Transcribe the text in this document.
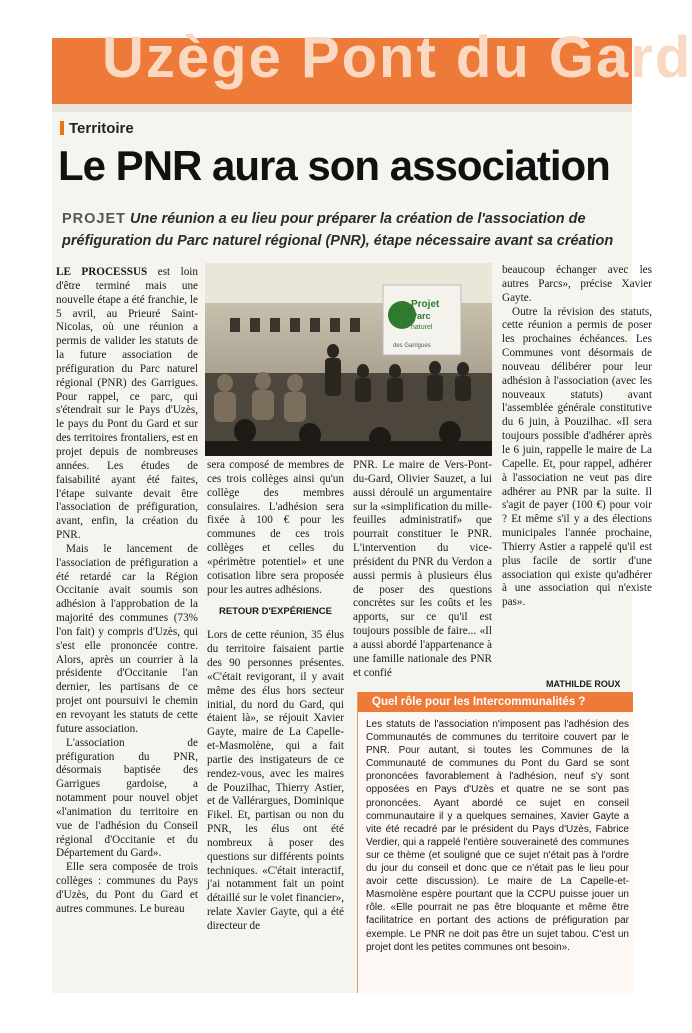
Uzège Pont du Gard
Territoire
Le PNR aura son association
PROJET Une réunion a eu lieu pour préparer la création de l'association de préfiguration du Parc naturel régional (PNR), étape nécessaire avant sa création

LE PROCESSUS est loin d'être terminé mais une nouvelle étape a été franchie, le 5 avril, au Prieuré Saint-Nicolas, où une réunion a permis de valider les statuts de la future association de préfiguration du Parc naturel régional (PNR) des Garrigues. Pour rappel, ce parc, qui s'étendrait sur le Pays d'Uzès, le pays du Pont du Gard et sur des territoires frontaliers, est en projet depuis de nombreuses années. Les études de faisabilité ayant été faites, l'étape suivante devait être l'association de préfiguration, avant, enfin, la création du PNR.

Mais le lancement de l'association de préfiguration a été retardé car la Région Occitanie avait soumis son adhésion à l'approbation de la majorité des communes (73% l'on fait) y compris d'Uzès, qui s'est elle prononcée contre. Alors, après un courrier à la présidente d'Occitanie l'an dernier, les partisans de ce projet ont poursuivi le chemin en revoyant les statuts de cette future association.

L'association de préfiguration du PNR, désormais baptisée des Garrigues gardoise, a notamment pour nouvel objet «l'animation du territoire en vue de l'adhésion du Conseil régional d'Occitanie et du Département du Gard».

Elle sera composée de trois collèges : communes du Pays d'Uzès, du Pont du Gard et autres communes. Le bureau

Projet
Parc
naturel
des Garrigues

sera composé de membres de ces trois collèges ainsi qu'un collège des membres consulaires. L'adhésion sera fixée à 100 € pour les communes de ces trois collèges et celles du «périmètre potentiel» et une cotisation libre sera proposée pour les autres adhésions.

RETOUR D'EXPÉRIENCE

Lors de cette réunion, 35 élus du territoire faisaient partie des 90 personnes présentes. «C'était revigorant, il y avait même des élus hors secteur initial, du nord du Gard, qui étaient là», se réjouit Xavier Gayte, maire de La Capelle-et-Masmolène, qui a fait partie des instigateurs de ce rendez-vous, avec les maires de Pouzilhac, Thierry Astier, et de Vallérargues, Dominique Fikel. Et, partisan ou non du PNR, les élus ont été nombreux à poser des questions sur différents points techniques. «C'était interactif, j'ai notamment fait un point détaillé sur le volet financier», relate Xavier Gayte, qui a été directeur de

PNR. Le maire de Vers-Pont-du-Gard, Olivier Sauzet, a lui aussi déroulé un argumentaire sur la «simplification du mille-feuilles administratif» que pourrait constituer le PNR. L'intervention du vice-président du PNR du Verdon a aussi permis à plusieurs élus de poser des questions concrètes sur les coûts et les apports, sur ce qu'il est toujours possible de faire... «Il a aussi abordé l'appartenance à une famille nationale des PNR et confié

beaucoup échanger avec les autres Parcs», précise Xavier Gayte.

Outre la révision des statuts, cette réunion a permis de poser les prochaines échéances. Les Communes vont désormais de nouveau délibérer pour leur adhésion à l'association (avec les nouveaux statuts) avant l'assemblée générale constitutive du 6 juin, à Pouzilhac. «Il sera toujours possible d'adhérer après le 6 juin, rappelle le maire de La Capelle. Et, pour rappel, adhérer à l'association ne veut pas dire adhérer au PNR par la suite. Il s'agit de payer (100 €) pour voir ? Et même s'il y a des élections municipales l'année prochaine, Thierry Astier a rappelé qu'il est plus facile de sortir d'une association qui existe qu'adhérer à une association qui n'existe pas».

MATHILDE ROUX
Quel rôle pour les Intercommunalités ?

Les statuts de l'association n'imposent pas l'adhésion des Communautés de communes du territoire couvert par le PNR. Pour autant, si toutes les Communes de la Communauté de communes du Pont du Gard se sont prononcées favorablement à l'adhésion, neuf s'y sont opposées en Pays d'Uzès et quatre ne se sont pas prononcées. Ayant abordé ce sujet en conseil communautaire il y a quelques semaines, Xavier Gayte a vite été recadré par le président du Pays d'Uzès, Fabrice Verdier, qui a rappelé l'entière souveraineté des communes sur ce thème (et souligné que ce sujet n'était pas à l'ordre du jour du conseil et donc que ce n'était pas le lieu pour avoir cette discussion). Le maire de La Capelle-et-Masmolène espère pourtant que la CCPU puisse jouer un rôle. «Elle pourrait ne pas être bloquante et même être facilitatrice en portant des actions de préfiguration par exemple. Le PNR ne doit pas être un sujet tabou. C'est un projet dont les petites communes ont besoin».
